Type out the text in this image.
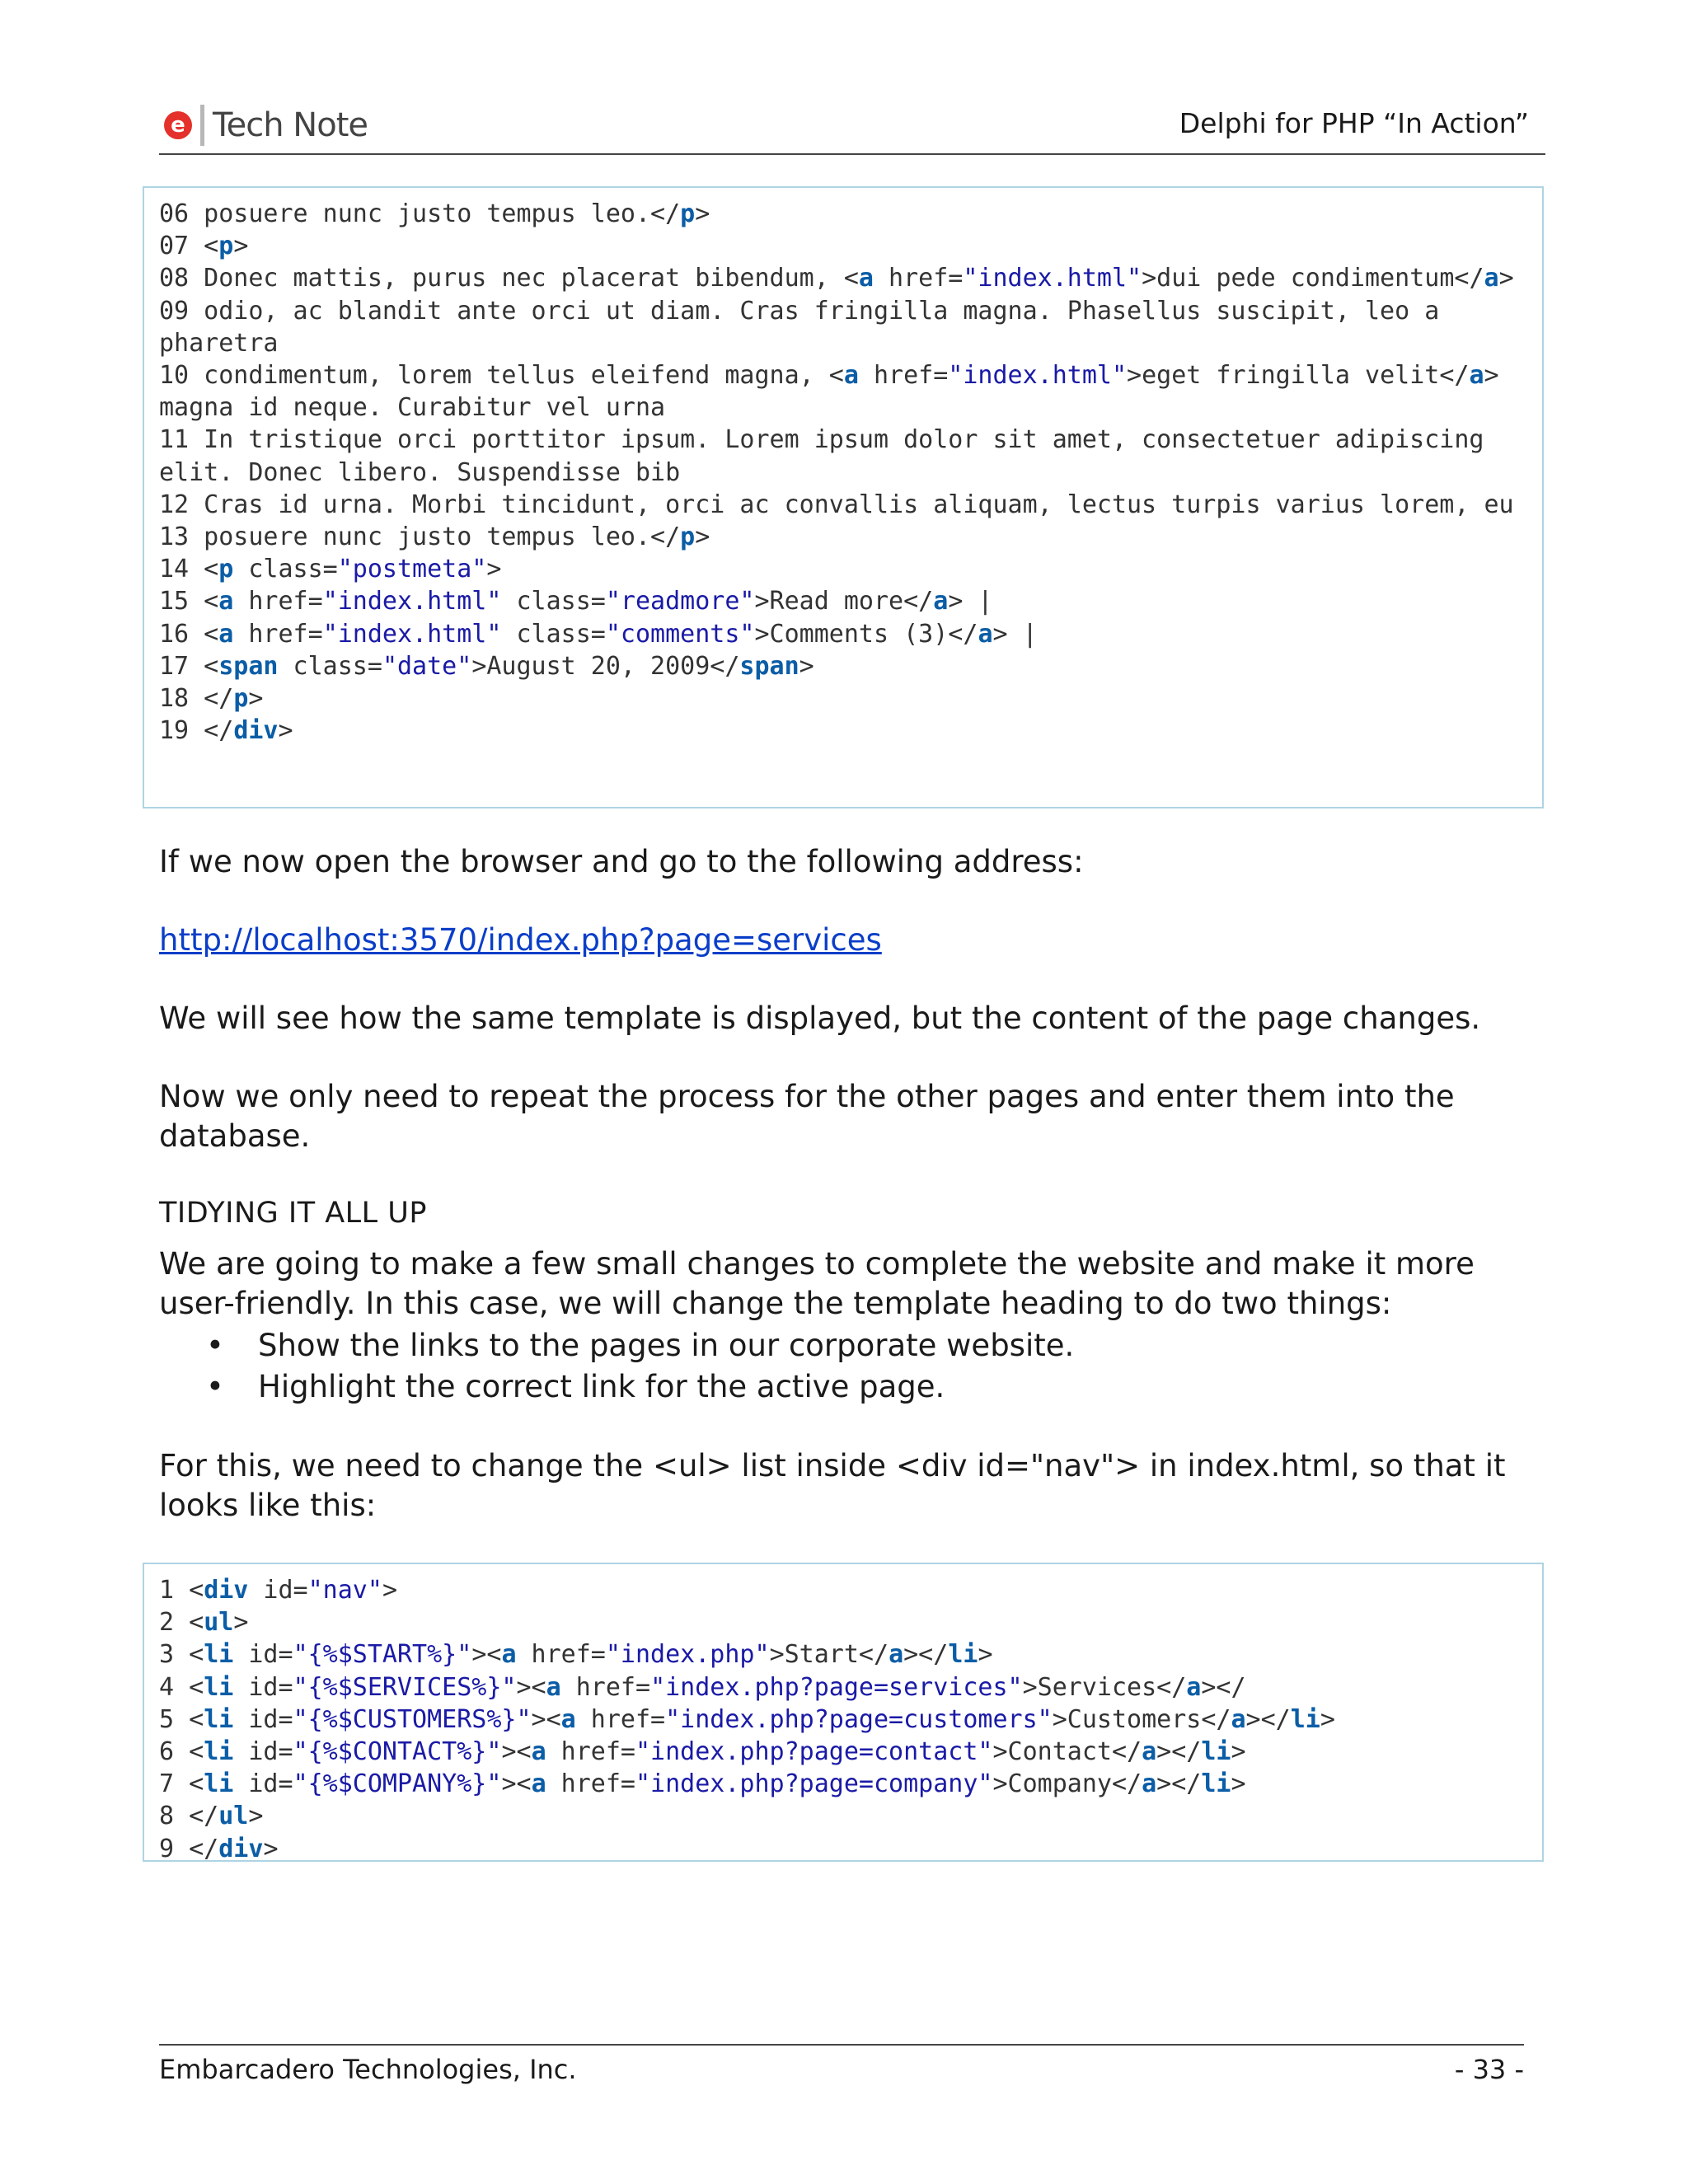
e Tech Note	Delphi for PHP “In Action”
06 posuere nunc justo tempus leo.</p>
07 <p>
08 Donec mattis, purus nec placerat bibendum, <a href="index.html">dui pede condimentum</a>
09 odio, ac blandit ante orci ut diam. Cras fringilla magna. Phasellus suscipit, leo a pharetra
10 condimentum, lorem tellus eleifend magna, <a href="index.html">eget fringilla velit</a> magna id neque. Curabitur vel urna
11 In tristique orci porttitor ipsum. Lorem ipsum dolor sit amet, consectetuer adipiscing elit. Donec libero. Suspendisse bib
12 Cras id urna. Morbi tincidunt, orci ac convallis aliquam, lectus turpis varius lorem, eu
13 posuere nunc justo tempus leo.</p>
14 <p class="postmeta">
15 <a href="index.html" class="readmore">Read more</a> |
16 <a href="index.html" class="comments">Comments (3)</a> |
17 <span class="date">August 20, 2009</span>
18 </p>
19 </div>

If we now open the browser and go to the following address:

http://localhost:3570/index.php?page=services

We will see how the same template is displayed, but the content of the page changes.

Now we only need to repeat the process for the other pages and enter them into the database.

TIDYING IT ALL UP

We are going to make a few small changes to complete the website and make it more user-friendly. In this case, we will change the template heading to do two things:

• Show the links to the pages in our corporate website.
• Highlight the correct link for the active page.

For this, we need to change the <ul> list inside <div id="nav"> in index.html, so that it looks like this:

1 <div id="nav">
2 <ul>
3 <li id="{%$START%}"><a href="index.php">Start</a></li>
4 <li id="{%$SERVICES%}"><a href="index.php?page=services">Services</a></
5 <li id="{%$CUSTOMERS%}"><a href="index.php?page=customers">Customers</a></li>
6 <li id="{%$CONTACT%}"><a href="index.php?page=contact">Contact</a></li>
7 <li id="{%$COMPANY%}"><a href="index.php?page=company">Company</a></li>
8 </ul>
9 </div>
Embarcadero Technologies, Inc.	- 33 -
